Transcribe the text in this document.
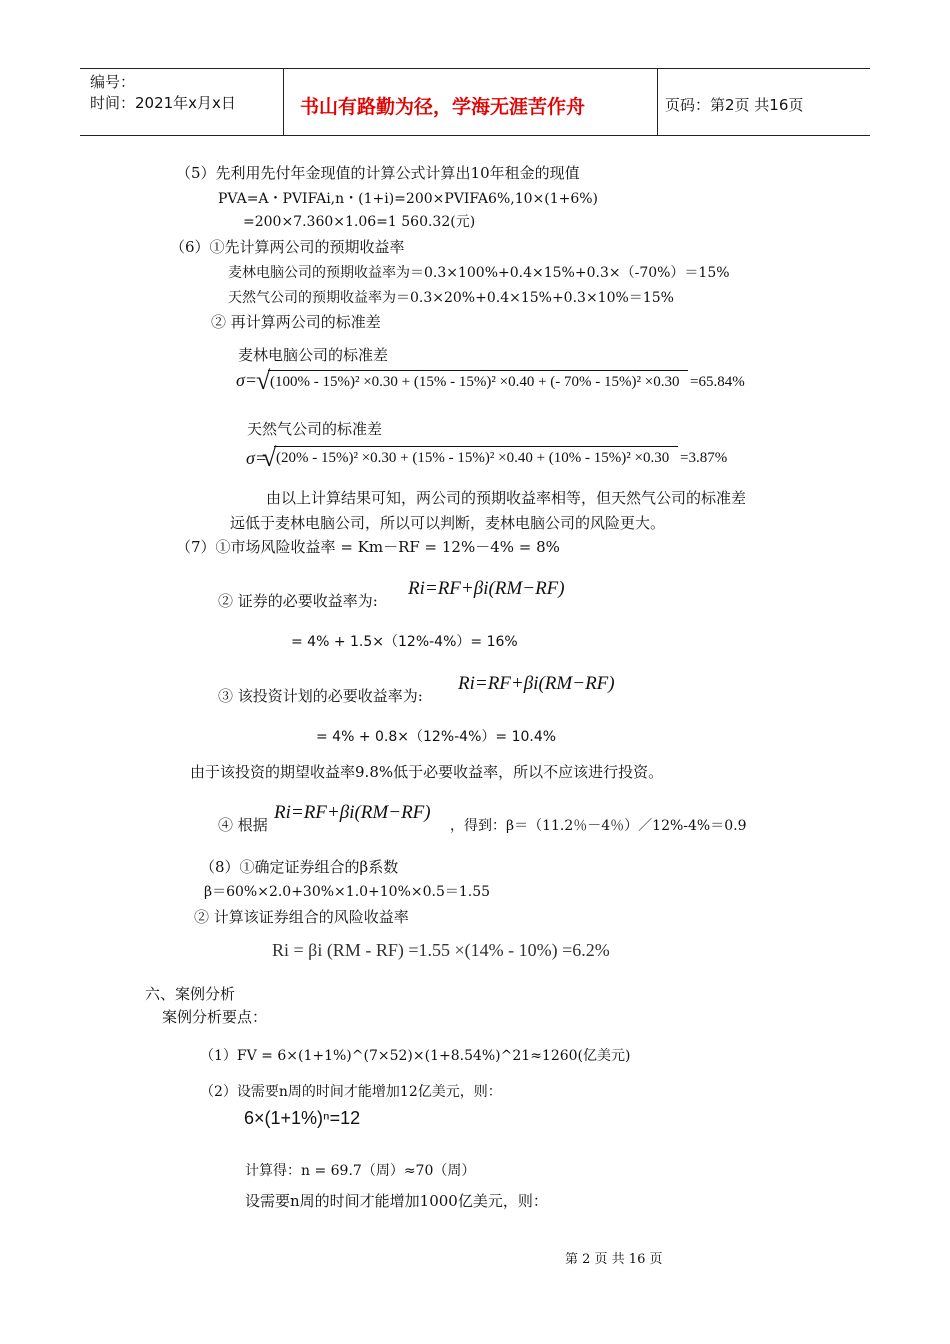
编号：
时间：2021年x月x日	书山有路勤为径，学海无涯苦作舟	页码：第2页 共16页
（5）先利用先付年金现值的计算公式计算出10年租金的现值
PVA=A・PVIFAi,n・(1+i)=200×PVIFA6%,10×(1+6%)
=200×7.360×1.06=1 560.32(元)
（6）①先计算两公司的预期收益率
麦林电脑公司的预期收益率为＝0.3×100%+0.4×15%+0.3×（-70%）＝15%
天然气公司的预期收益率为＝0.3×20%+0.4×15%+0.3×10%＝15%
② 再计算两公司的标准差
麦林电脑公司的标准差
σ=
√ (100% - 15%)² ×0.30 + (15% - 15%)² ×0.40 + (- 70% - 15%)² ×0.30 =65.84%
天然气公司的标准差
σ=
√ (20% - 15%)² ×0.30 + (15% - 15%)² ×0.40 + (10% - 15%)² ×0.30 =3.87%
由以上计算结果可知，两公司的预期收益率相等，但天然气公司的标准差
远低于麦林电脑公司，所以可以判断，麦林电脑公司的风险更大。
（7）①市场风险收益率 = Km－RF = 12%－4% = 8%
② 证券的必要收益率为:
Ri=RF+βi(RM−RF)
= 4% + 1.5×（12%-4%）= 16%
③ 该投资计划的必要收益率为:
Ri=RF+βi(RM−RF)
= 4% + 0.8×（12%-4%）= 10.4%
由于该投资的期望收益率9.8%低于必要收益率，所以不应该进行投资。
④ 根据
Ri=RF+βi(RM−RF)
，得到：β＝（11.2％－4％）／12%-4%＝0.9
（8）①确定证券组合的β系数
β＝60%×2.0+30%×1.0+10%×0.5＝1.55
② 计算该证券组合的风险收益率
Ri = βi (RM - RF) =1.55 ×(14% - 10%) =6.2%
六、案例分析
案例分析要点：
（1）FV = 6×(1+1%)^(7×52)×(1+8.54%)^21≈1260(亿美元)
（2）设需要n周的时间才能增加12亿美元，则：
6×(1+1%)ⁿ=12
计算得：n = 69.7（周）≈70（周）
设需要n周的时间才能增加1000亿美元，则：
第 2 页 共 16 页
